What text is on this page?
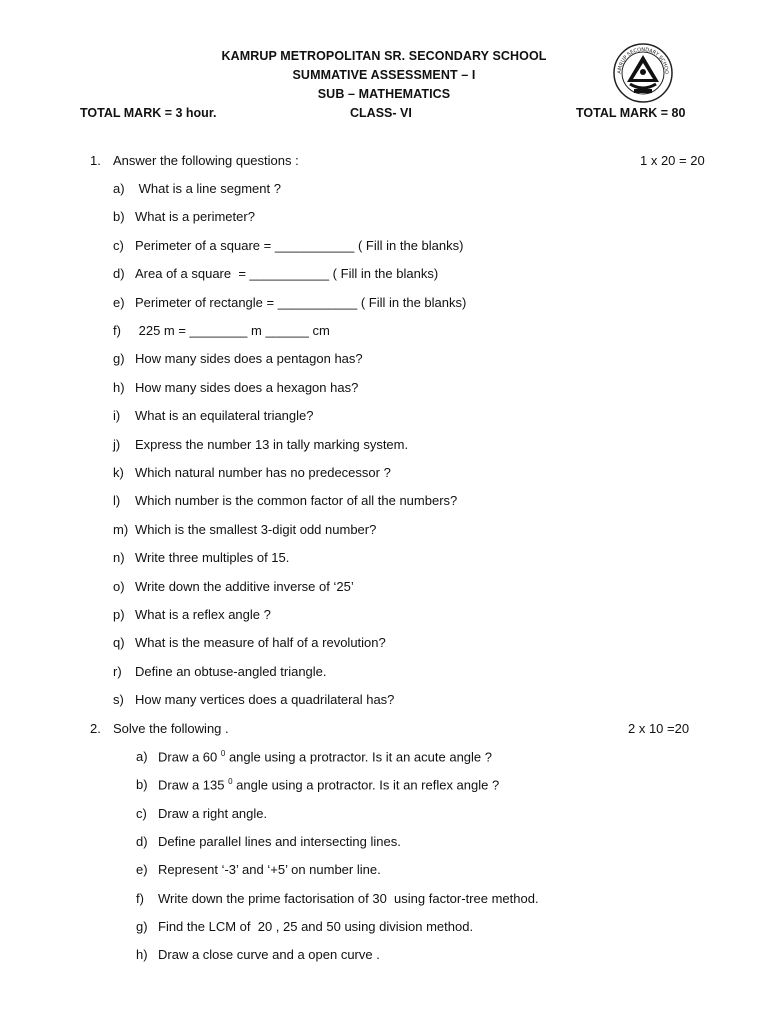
KAMRUP METROPOLITAN SR. SECONDARY SCHOOL
SUMMATIVE ASSESSMENT – I
SUB – MATHEMATICS
TOTAL MARK = 3 hour.	CLASS- VI	TOTAL MARK = 80
AMRUP SECONDARY SCHOO
1. Answer the following questions :	1 x 20 = 20
a) What is a line segment ?
b) What is a perimeter?
c) Perimeter of a square = ___________ ( Fill in the blanks)
d) Area of a square  = ___________ ( Fill in the blanks)
e) Perimeter of rectangle = ___________ ( Fill in the blanks)
f) 225 m = ________ m ______ cm
g) How many sides does a pentagon has?
h) How many sides does a hexagon has?
i) What is an equilateral triangle?
j) Express the number 13 in tally marking system.
k) Which natural number has no predecessor ?
l) Which number is the common factor of all the numbers?
m) Which is the smallest 3-digit odd number?
n) Write three multiples of 15.
o) Write down the additive inverse of ‘25’
p) What is a reflex angle ?
q) What is the measure of half of a revolution?
r) Define an obtuse-angled triangle.
s) How many vertices does a quadrilateral has?
2. Solve the following .	2 x 10 =20
a) Draw a 60 $^0$ angle using a protractor. Is it an acute angle ?
b) Draw a 135 $^0$ angle using a protractor. Is it an reflex angle ?
c) Draw a right angle.
d) Define parallel lines and intersecting lines.
e) Represent ‘-3’ and ‘+5’ on number line.
f) Write down the prime factorisation of 30  using factor-tree method.
g) Find the LCM of  20 , 25 and 50 using division method.
h) Draw a close curve and a open curve .
